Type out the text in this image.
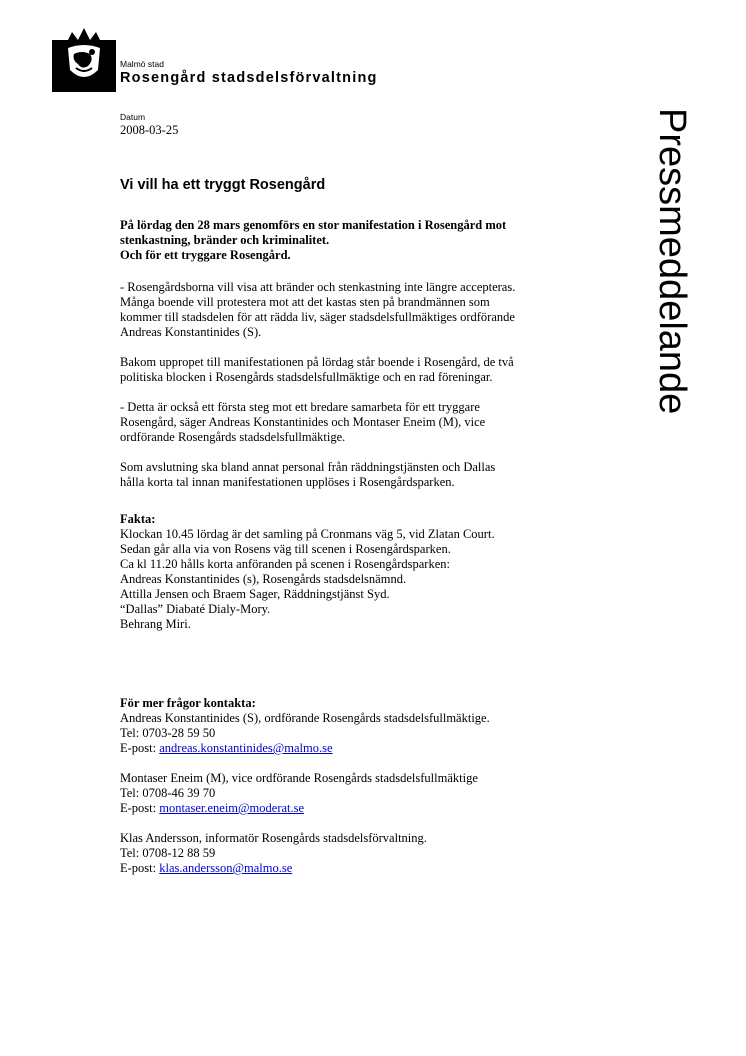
Malmö stad
Rosengård stadsdelsförvaltning
Datum
2008-03-25	Pressmeddelande
Vi vill ha ett tryggt Rosengård
På lördag den 28 mars genomförs en stor manifestation i Rosengård mot
stenkastning, bränder och kriminalitet.
Och för ett tryggare Rosengård.
- Rosengårdsborna vill visa att bränder och stenkastning inte längre accepteras.
Många boende vill protestera mot att det kastas sten på brandmännen som
kommer till stadsdelen för att rädda liv, säger stadsdelsfullmäktiges ordförande
Andreas Konstantinides (S).
Bakom uppropet till manifestationen på lördag står boende i Rosengård, de två
politiska blocken i Rosengårds stadsdelsfullmäktige och en rad föreningar.
- Detta är också ett första steg mot ett bredare samarbeta för ett tryggare
Rosengård, säger Andreas Konstantinides och Montaser Eneim (M), vice
ordförande Rosengårds stadsdelsfullmäktige.
Som avslutning ska bland annat personal från räddningstjänsten och Dallas
hålla korta tal innan manifestationen upplöses i Rosengårdsparken.
Fakta:
Klockan 10.45 lördag är det samling på Cronmans väg 5, vid Zlatan Court.
Sedan går alla via von Rosens väg till scenen i Rosengårdsparken.
Ca kl 11.20 hålls korta anföranden på scenen i Rosengårdsparken:
Andreas Konstantinides (s), Rosengårds stadsdelsnämnd.
Attilla Jensen och Braem Sager, Räddningstjänst Syd.
“Dallas” Diabaté Dialy-Mory.
Behrang Miri.
För mer frågor kontakta:
Andreas Konstantinides (S), ordförande Rosengårds stadsdelsfullmäktige.
Tel: 0703-28 59 50
E-post: andreas.konstantinides@malmo.se
Montaser Eneim (M), vice ordförande Rosengårds stadsdelsfullmäktige
Tel: 0708-46 39 70
E-post: montaser.eneim@moderat.se
Klas Andersson, informatör Rosengårds stadsdelsförvaltning.
Tel: 0708-12 88 59
E-post: klas.andersson@malmo.se
